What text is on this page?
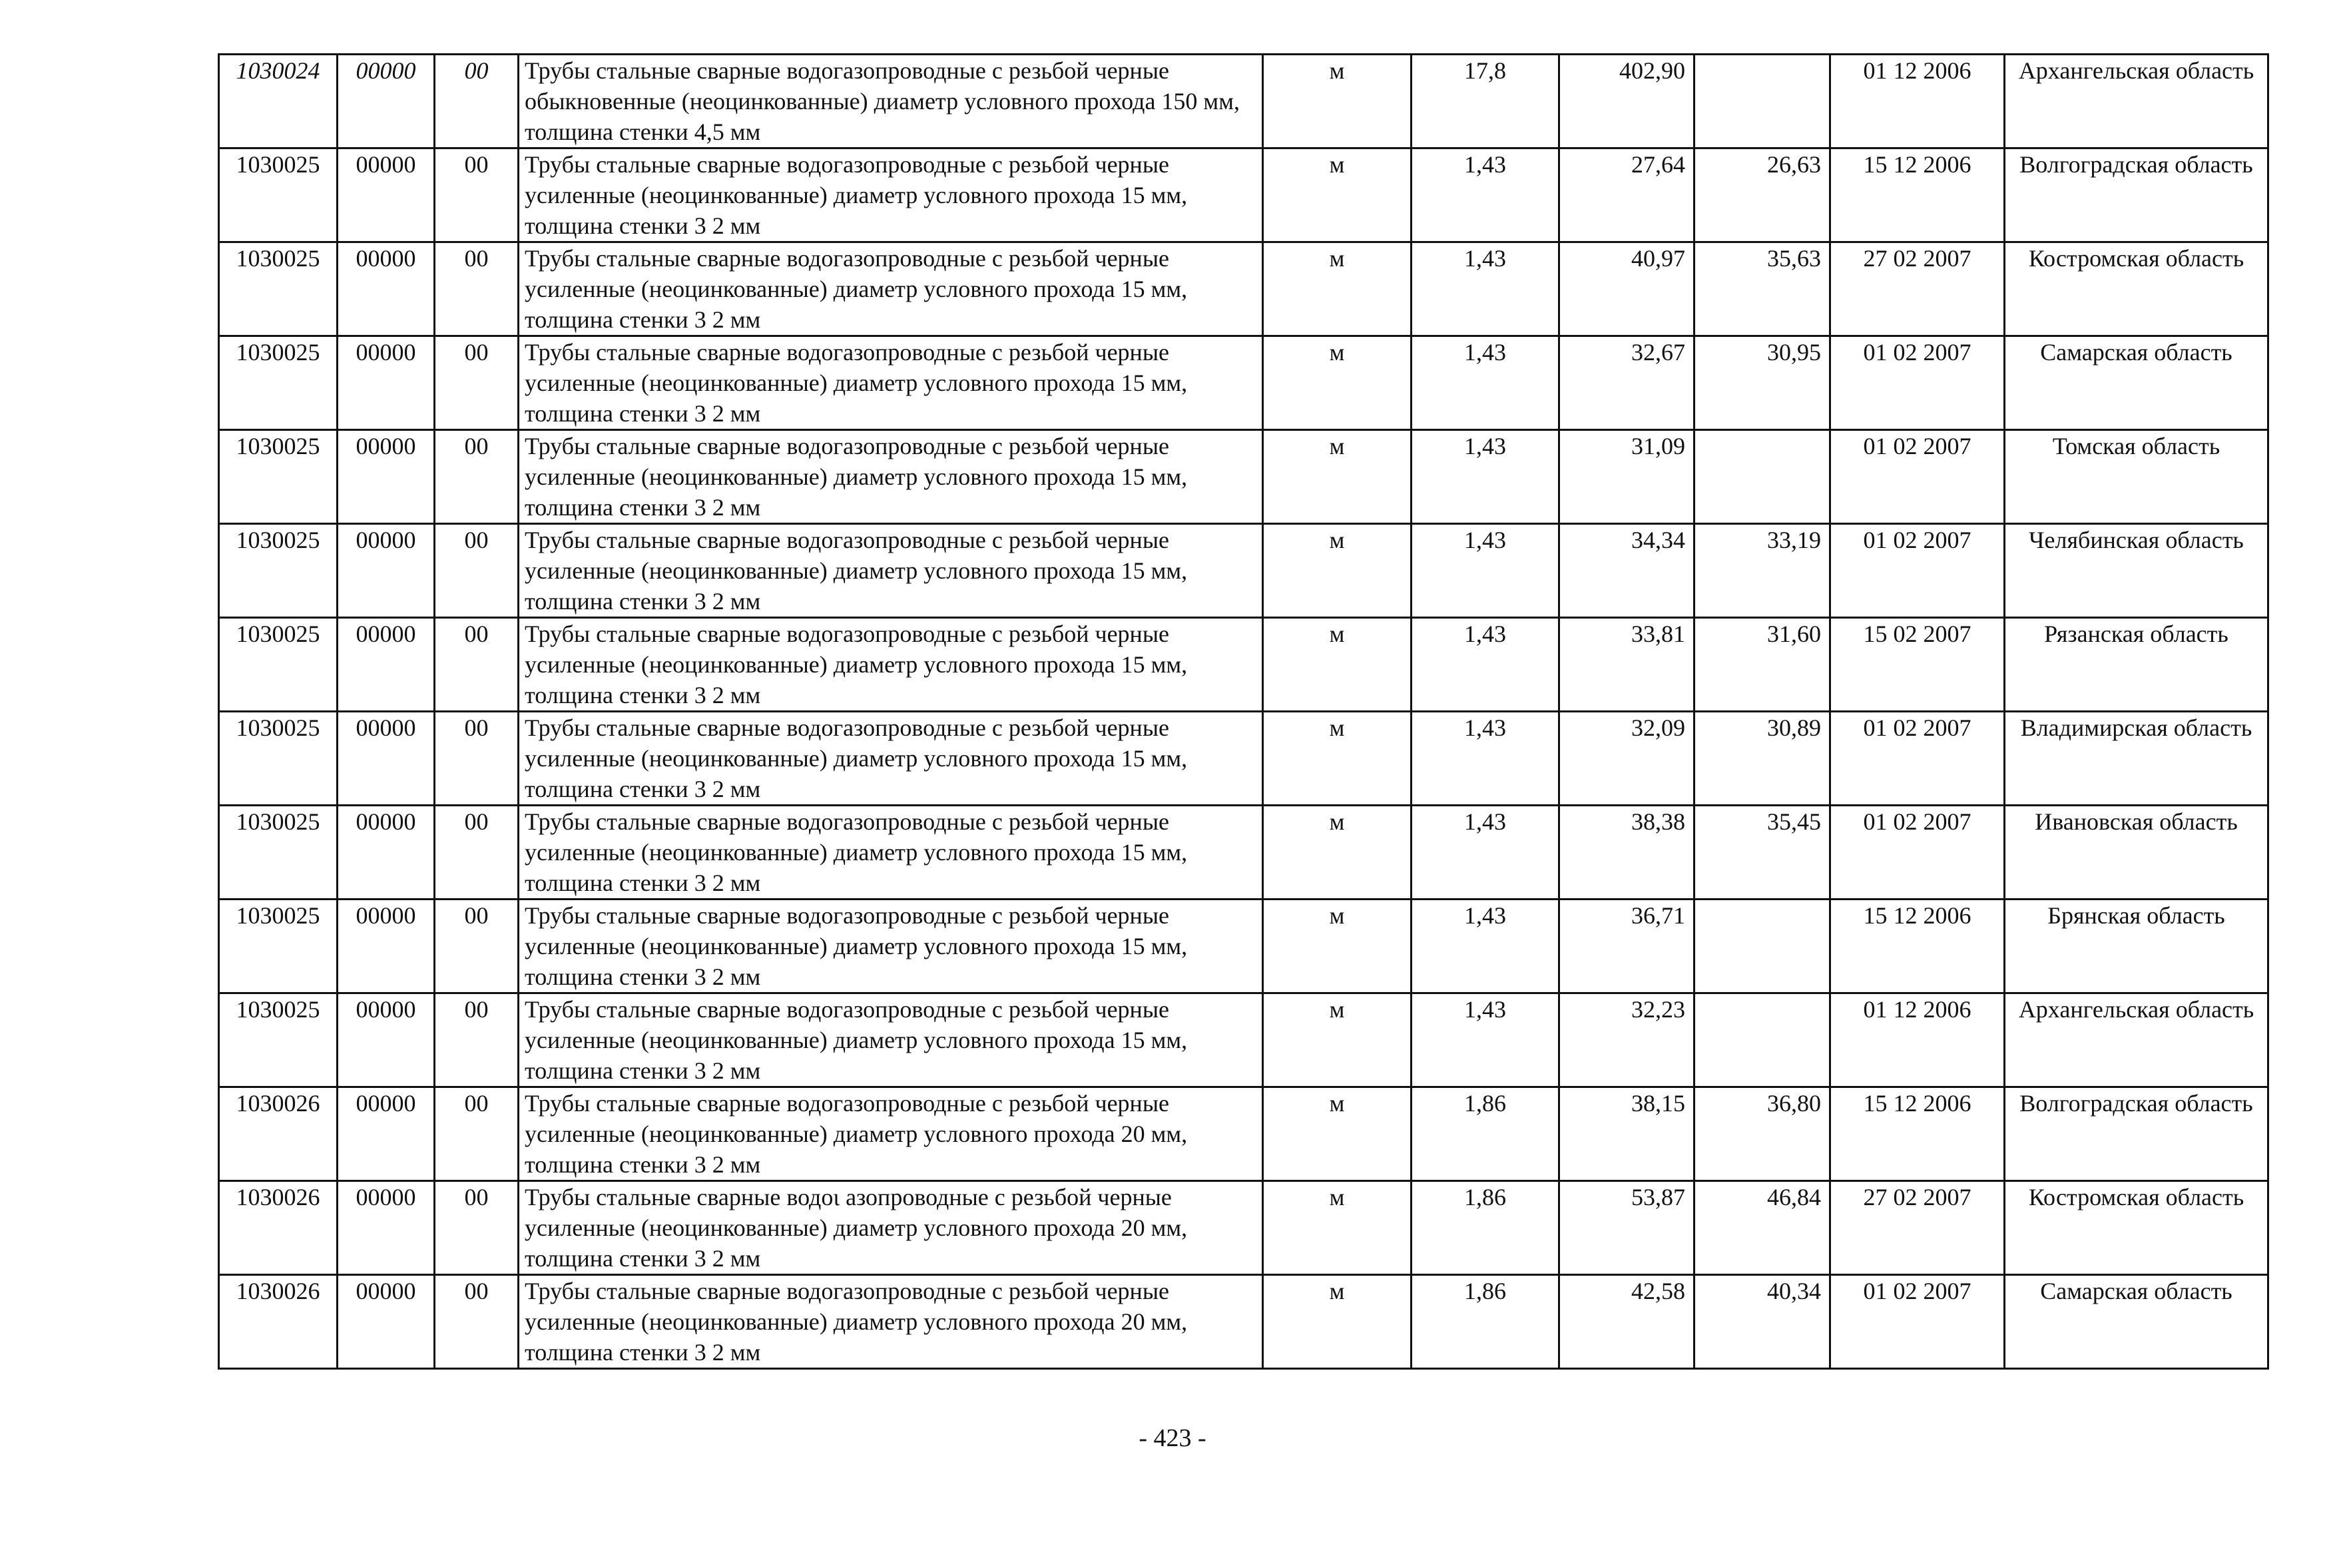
1030024	00000	00	Трубы стальные сварные водогазопроводные с резьбой черные обыкновенные (неоцинкованные) диаметр условного прохода 150 мм, толщина стенки 4,5 мм	м	17,8	402,90		01 12 2006	Архангельская область
1030025	00000	00	Трубы стальные сварные водогазопроводные с резьбой черные усиленные (неоцинкованные) диаметр условного прохода 15 мм, толщина стенки 3 2 мм	м	1,43	27,64	26,63	15 12 2006	Волгоградская область
1030025	00000	00	Трубы стальные сварные водогазопроводные с резьбой черные усиленные (неоцинкованные) диаметр условного прохода 15 мм, толщина стенки 3 2 мм	м	1,43	40,97	35,63	27 02 2007	Костромская область
1030025	00000	00	Трубы стальные сварные водогазопроводные с резьбой черные усиленные (неоцинкованные) диаметр условного прохода 15 мм, толщина стенки 3 2 мм	м	1,43	32,67	30,95	01 02 2007	Самарская область
1030025	00000	00	Трубы стальные сварные водогазопроводные с резьбой черные усиленные (неоцинкованные) диаметр условного прохода 15 мм, толщина стенки 3 2 мм	м	1,43	31,09		01 02 2007	Томская область
1030025	00000	00	Трубы стальные сварные водогазопроводные с резьбой черные усиленные (неоцинкованные) диаметр условного прохода 15 мм, толщина стенки 3 2 мм	м	1,43	34,34	33,19	01 02 2007	Челябинская область
1030025	00000	00	Трубы стальные сварные водогазопроводные с резьбой черные усиленные (неоцинкованные) диаметр условного прохода 15 мм, толщина стенки 3 2 мм	м	1,43	33,81	31,60	15 02 2007	Рязанская область
1030025	00000	00	Трубы стальные сварные водогазопроводные с резьбой черные усиленные (неоцинкованные) диаметр условного прохода 15 мм, толщина стенки 3 2 мм	м	1,43	32,09	30,89	01 02 2007	Владимирская область
1030025	00000	00	Трубы стальные сварные водогазопроводные с резьбой черные усиленные (неоцинкованные) диаметр условного прохода 15 мм, толщина стенки 3 2 мм	м	1,43	38,38	35,45	01 02 2007	Ивановская область
1030025	00000	00	Трубы стальные сварные водогазопроводные с резьбой черные усиленные (неоцинкованные) диаметр условного прохода 15 мм, толщина стенки 3 2 мм	м	1,43	36,71		15 12 2006	Брянская область
1030025	00000	00	Трубы стальные сварные водогазопроводные с резьбой черные усиленные (неоцинкованные) диаметр условного прохода 15 мм, толщина стенки 3 2 мм	м	1,43	32,23		01 12 2006	Архангельская область
1030026	00000	00	Трубы стальные сварные водогазопроводные с резьбой черные усиленные (неоцинкованные) диаметр условного прохода 20 мм, толщина стенки 3 2 мм	м	1,86	38,15	36,80	15 12 2006	Волгоградская область
1030026	00000	00	Трубы стальные сварные водоι азопроводные с резьбой черные усиленные (неоцинкованные) диаметр условного прохода 20 мм, толщина стенки 3 2 мм	м	1,86	53,87	46,84	27 02 2007	Костромская область
1030026	00000	00	Трубы стальные сварные водогазопроводные с резьбой черные усиленные (неоцинкованные) диаметр условного прохода 20 мм, толщина стенки 3 2 мм	м	1,86	42,58	40,34	01 02 2007	Самарская область
- 423 -
